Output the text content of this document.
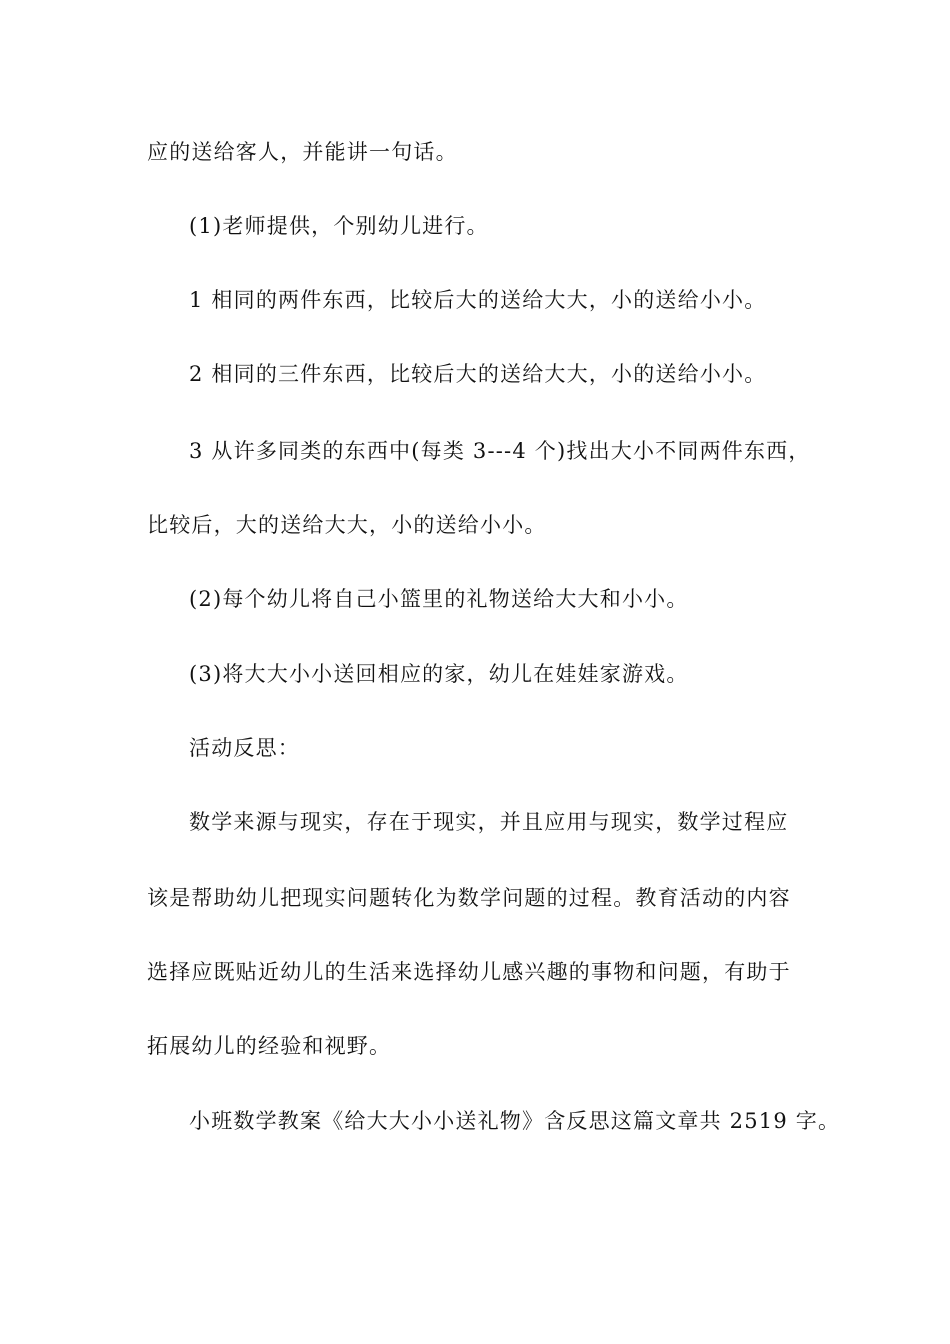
应的送给客人，并能讲一句话。
(1)老师提供，个别幼儿进行。
1 相同的两件东西，比较后大的送给大大，小的送给小小。
2 相同的三件东西，比较后大的送给大大，小的送给小小。
3 从许多同类的东西中(每类 3---4 个)找出大小不同两件东西，
比较后，大的送给大大，小的送给小小。
(2)每个幼儿将自己小篮里的礼物送给大大和小小。
(3)将大大小小送回相应的家，幼儿在娃娃家游戏。
活动反思：
数学来源与现实，存在于现实，并且应用与现实，数学过程应
该是帮助幼儿把现实问题转化为数学问题的过程。教育活动的内容
选择应既贴近幼儿的生活来选择幼儿感兴趣的事物和问题，有助于
拓展幼儿的经验和视野。
小班数学教案《给大大小小送礼物》含反思这篇文章共 2519 字。
